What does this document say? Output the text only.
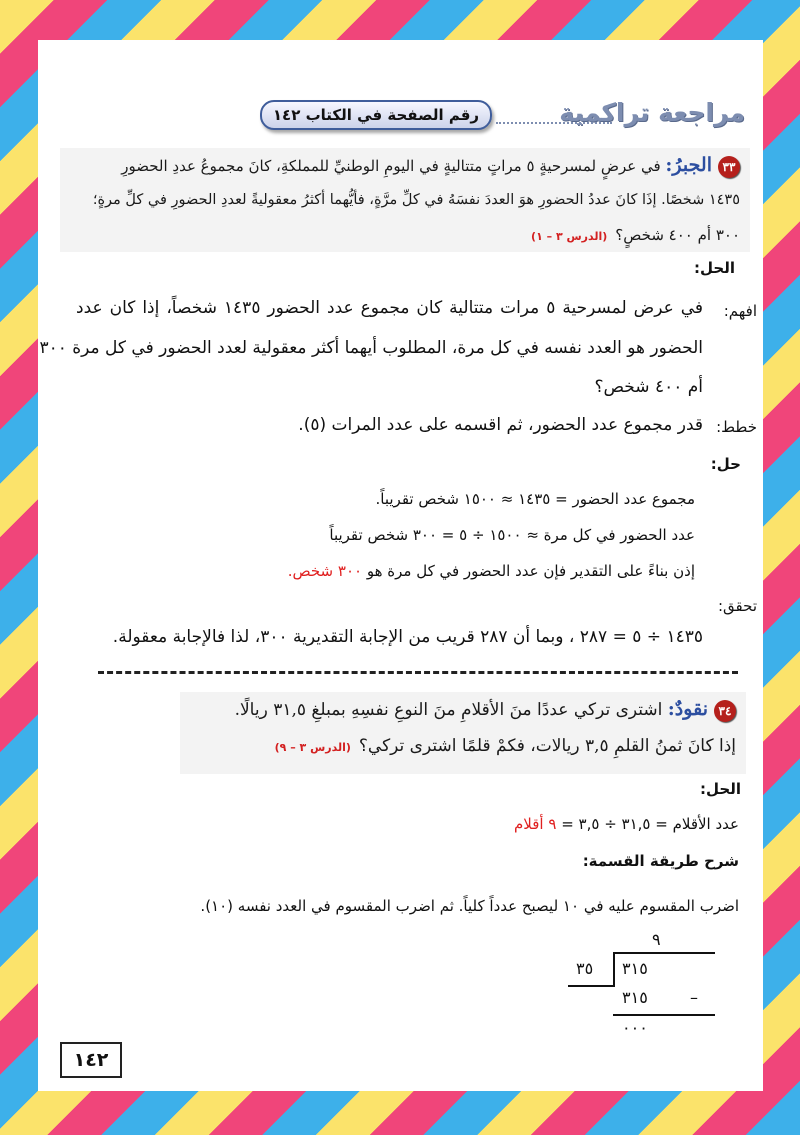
مراجعة تراكمية
رقم الصفحة في الكتاب ١٤٢
٣٣الجبرُ: في عرضٍ لمسرحيةٍ ٥ مراتٍ متتاليةٍ في اليومِ الوطنيِّ للمملكةِ، كانَ مجموعُ عددِ الحضورِ
١٤٣٥ شخصًا. إذَا كانَ عددُ الحضورِ هوَ العددَ نفسَهُ في كلِّ مرَّةٍ، فأيُّهما أكثرُ معقوليةً لعددِ الحضورِ في كلِّ مرةٍ؛
٣٠٠ أم ٤٠٠ شخصٍ؟(الدرس ٣ – ١)
الحل:
افهم:
في عرض لمسرحية ٥ مرات متتالية كان مجموع عدد الحضور ١٤٣٥ شخصاً، إذا كان عدد
الحضور هو العدد نفسه في كل مرة، المطلوب أيهما أكثر معقولية لعدد الحضور في كل مرة ٣٠٠
أم ٤٠٠ شخص؟
خطط:
قدر مجموع عدد الحضور، ثم اقسمه على عدد المرات (٥).
حل:
مجموع عدد الحضور = ١٤٣٥ ≈ ١٥٠٠ شخص تقريباً.
عدد الحضور في كل مرة ≈ ١٥٠٠ ÷ ٥ = ٣٠٠ شخص تقريباً
إذن بناءً على التقدير فإن عدد الحضور في كل مرة هو ٣٠٠ شخص.
تحقق:
١٤٣٥ ÷ ٥ = ٢٨٧ ، وبما أن ٢٨٧ قريب من الإجابة التقديرية ٣٠٠، لذا فالإجابة معقولة.
٣٤نقودٌ: اشترى تركي عددًا منَ الأقلامِ منَ النوعِ نفسِهِ بمبلغِ ٣١,٥ ريالًا.
إذا كانَ ثمنُ القلمِ ٣,٥ ريالات، فكمْ قلمًا اشترى تركي؟(الدرس ٣ – ٩)
الحل:
عدد الأقلام = ٣١,٥ ÷ ٣,٥ = ٩ أقلام
شرح طريقة القسمة:
اضرب المقسوم عليه في ١٠ ليصبح عدداً كلياً. ثم اضرب المقسوم في العدد نفسه (١٠).
٩
٣٥ ٣١٥
٣١٥	–
٠٠٠
١٤٢
